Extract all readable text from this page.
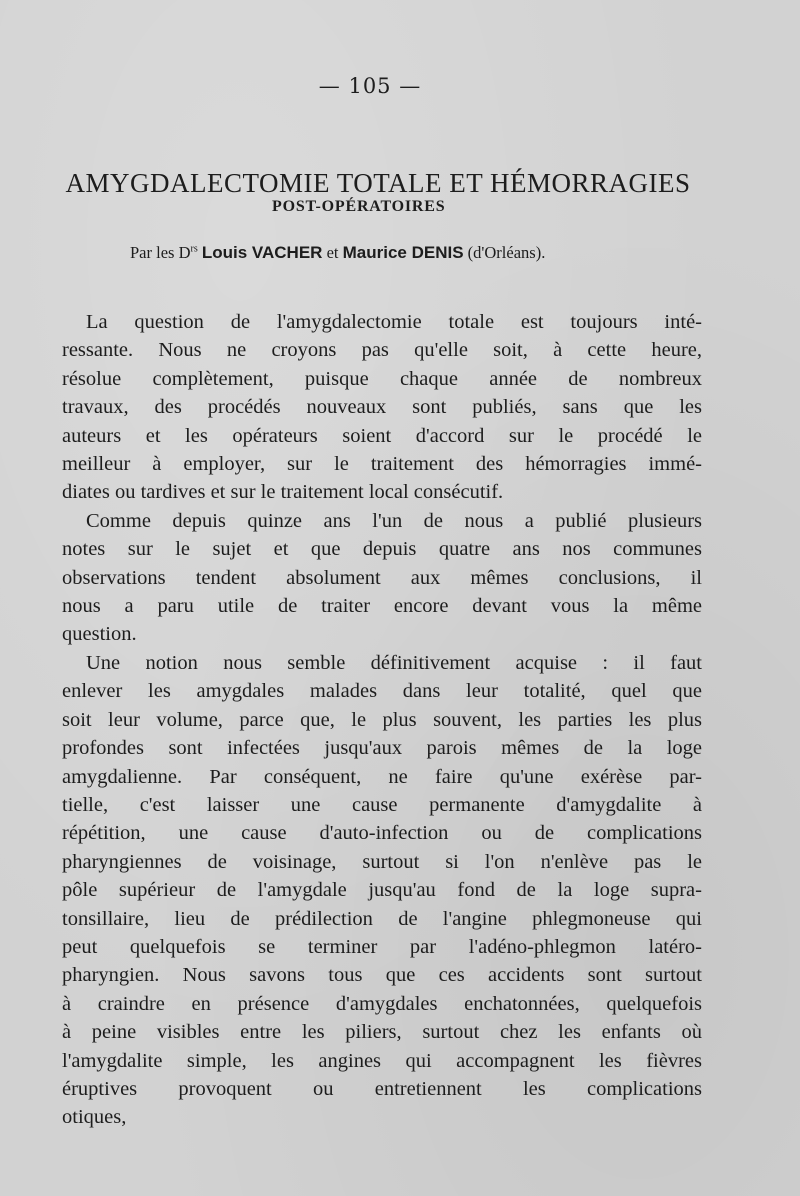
— 105 —
AMYGDALECTOMIE TOTALE ET HÉMORRAGIES
POST-OPÉRATOIRES
Par les $D^{rs}$ Louis VACHER et Maurice DENIS (d'Orléans).
La question de l'amygdalectomie totale est toujours inté-
ressante. Nous ne croyons pas qu'elle soit, à cette heure,
résolue complètement, puisque chaque année de nombreux
travaux, des procédés nouveaux sont publiés, sans que les
auteurs et les opérateurs soient d'accord sur le procédé le
meilleur à employer, sur le traitement des hémorragies immé-
diates ou tardives et sur le traitement local consécutif.
Comme depuis quinze ans l'un de nous a publié plusieurs
notes sur le sujet et que depuis quatre ans nos communes
observations tendent absolument aux mêmes conclusions, il
nous a paru utile de traiter encore devant vous la même
question.
Une notion nous semble définitivement acquise : il faut
enlever les amygdales malades dans leur totalité, quel que
soit leur volume, parce que, le plus souvent, les parties les plus
profondes sont infectées jusqu'aux parois mêmes de la loge
amygdalienne. Par conséquent, ne faire qu'une exérèse par-
tielle, c'est laisser une cause permanente d'amygdalite à
répétition, une cause d'auto-infection ou de complications
pharyngiennes de voisinage, surtout si l'on n'enlève pas le
pôle supérieur de l'amygdale jusqu'au fond de la loge supra-
tonsillaire, lieu de prédilection de l'angine phlegmoneuse qui
peut quelquefois se terminer par l'adéno-phlegmon latéro-
pharyngien. Nous savons tous que ces accidents sont surtout
à craindre en présence d'amygdales enchatonnées, quelquefois
à peine visibles entre les piliers, surtout chez les enfants où
l'amygdalite simple, les angines qui accompagnent les fièvres
éruptives provoquent ou entretiennent les complications
otiques,
